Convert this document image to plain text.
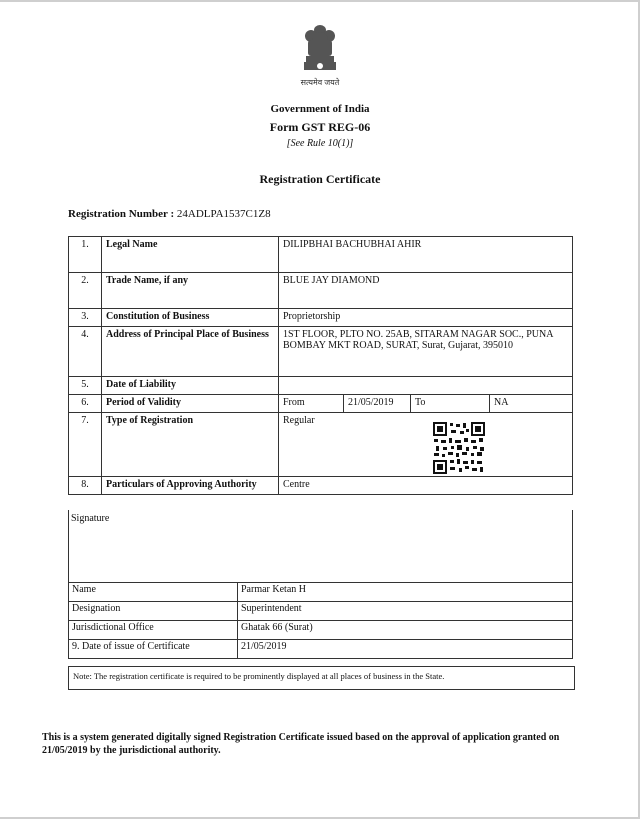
सत्यमेव जयते
Government of India
Form GST REG-06
[See Rule 10(1)]
Registration Certificate
Registration Number : 24ADLPA1537C1Z8
1.	Legal Name	DILIPBHAI BACHUBHAI AHIR			
2.	Trade Name, if any	BLUE JAY DIAMOND			
3.	Constitution of Business	Proprietorship			
4.	Address of Principal Place of Business	1ST FLOOR, PLTO NO. 25AB, SITARAM NAGAR SOC., PUNA BOMBAY MKT ROAD, SURAT, Surat, Gujarat, 395010			
5.	Date of Liability				
6.	Period of Validity	From	21/05/2019	To	NA
7.	Type of Registration	Regular			

8.	Particulars of Approving Authority	Centre			
Signature
Name	Parmar Ketan H
Designation	Superintendent
Jurisdictional Office	Ghatak 66 (Surat)
9. Date of issue of Certificate	21/05/2019
Note: The registration certificate is required to be prominently displayed at all places of business in the State.
This is a system generated digitally signed Registration Certificate issued based on the approval of application granted on 21/05/2019 by the jurisdictional authority.
